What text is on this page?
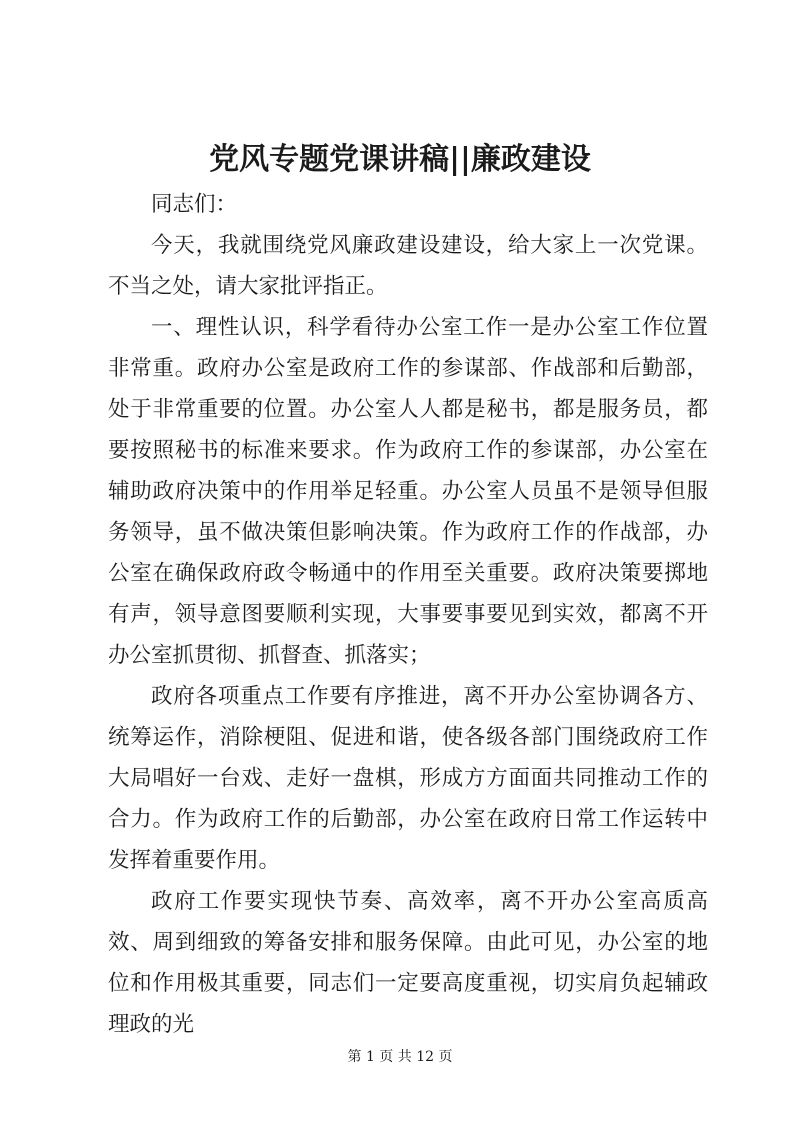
党风专题党课讲稿||廉政建设

同志们：

今天，我就围绕党风廉政建设建设，给大家上一次党课。不当之处，请大家批评指正。

一、理性认识，科学看待办公室工作一是办公室工作位置非常重。政府办公室是政府工作的参谋部、作战部和后勤部，处于非常重要的位置。办公室人人都是秘书，都是服务员，都要按照秘书的标准来要求。作为政府工作的参谋部，办公室在辅助政府决策中的作用举足轻重。办公室人员虽不是领导但服务领导，虽不做决策但影响决策。作为政府工作的作战部，办公室在确保政府政令畅通中的作用至关重要。政府决策要掷地有声，领导意图要顺利实现，大事要事要见到实效，都离不开办公室抓贯彻、抓督查、抓落实；

政府各项重点工作要有序推进，离不开办公室协调各方、统筹运作，消除梗阻、促进和谐，使各级各部门围绕政府工作大局唱好一台戏、走好一盘棋，形成方方面面共同推动工作的合力。作为政府工作的后勤部，办公室在政府日常工作运转中发挥着重要作用。

政府工作要实现快节奏、高效率，离不开办公室高质高效、周到细致的筹备安排和服务保障。由此可见，办公室的地位和作用极其重要，同志们一定要高度重视，切实肩负起辅政理政的光

第 1 页 共 12 页
